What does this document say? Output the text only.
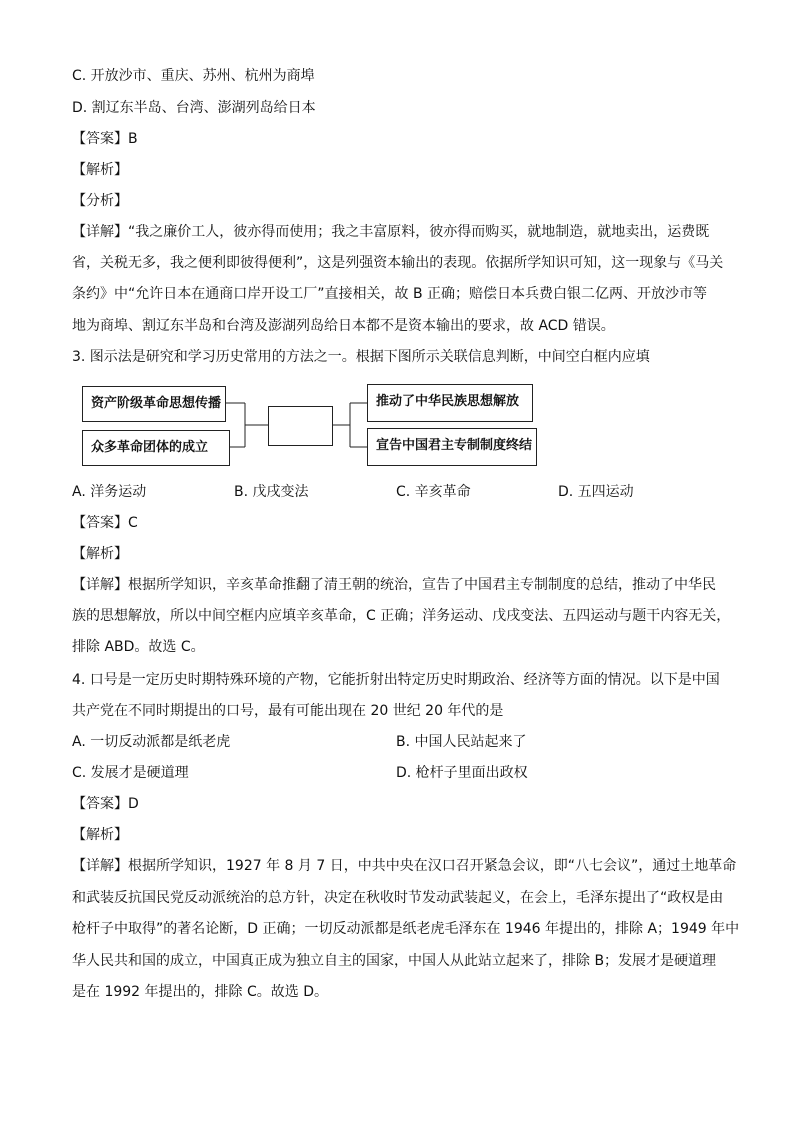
C. 开放沙市、重庆、苏州、杭州为商埠
D. 割辽东半岛、台湾、澎湖列岛给日本
【答案】B
【解析】
【分析】
【详解】“我之廉价工人，彼亦得而使用；我之丰富原料，彼亦得而购买，就地制造，就地卖出，运费既
省，关税无多，我之便利即彼得便利”，这是列强资本输出的表现。依据所学知识可知，这一现象与《马关
条约》中“允许日本在通商口岸开设工厂”直接相关，故 B 正确；赔偿日本兵费白银二亿两、开放沙市等
地为商埠、割辽东半岛和台湾及澎湖列岛给日本都不是资本输出的要求，故 ACD 错误。
3. 图示法是研究和学习历史常用的方法之一。根据下图所示关联信息判断，中间空白框内应填
资产阶级革命思想传播
众多革命团体的成立
推动了中华民族思想解放
宣告中国君主专制制度终结
A. 洋务运动	B. 戊戌变法	C. 辛亥革命	D. 五四运动
【答案】C
【解析】
【详解】根据所学知识，辛亥革命推翻了清王朝的统治，宣告了中国君主专制制度的总结，推动了中华民
族的思想解放，所以中间空框内应填辛亥革命，C 正确；洋务运动、戊戌变法、五四运动与题干内容无关，
排除 ABD。故选 C。
4. 口号是一定历史时期特殊环境的产物，它能折射出特定历史时期政治、经济等方面的情况。以下是中国
共产党在不同时期提出的口号，最有可能出现在 20 世纪 20 年代的是
A. 一切反动派都是纸老虎	B. 中国人民站起来了
C. 发展才是硬道理	D. 枪杆子里面出政权
【答案】D
【解析】
【详解】根据所学知识，1927 年 8 月 7 日，中共中央在汉口召开紧急会议，即“八七会议”，通过土地革命
和武装反抗国民党反动派统治的总方针，决定在秋收时节发动武装起义，在会上，毛泽东提出了“政权是由
枪杆子中取得”的著名论断，D 正确；一切反动派都是纸老虎毛泽东在 1946 年提出的，排除 A；1949 年中
华人民共和国的成立，中国真正成为独立自主的国家，中国人从此站立起来了，排除 B；发展才是硬道理
是在 1992 年提出的，排除 C。故选 D。
